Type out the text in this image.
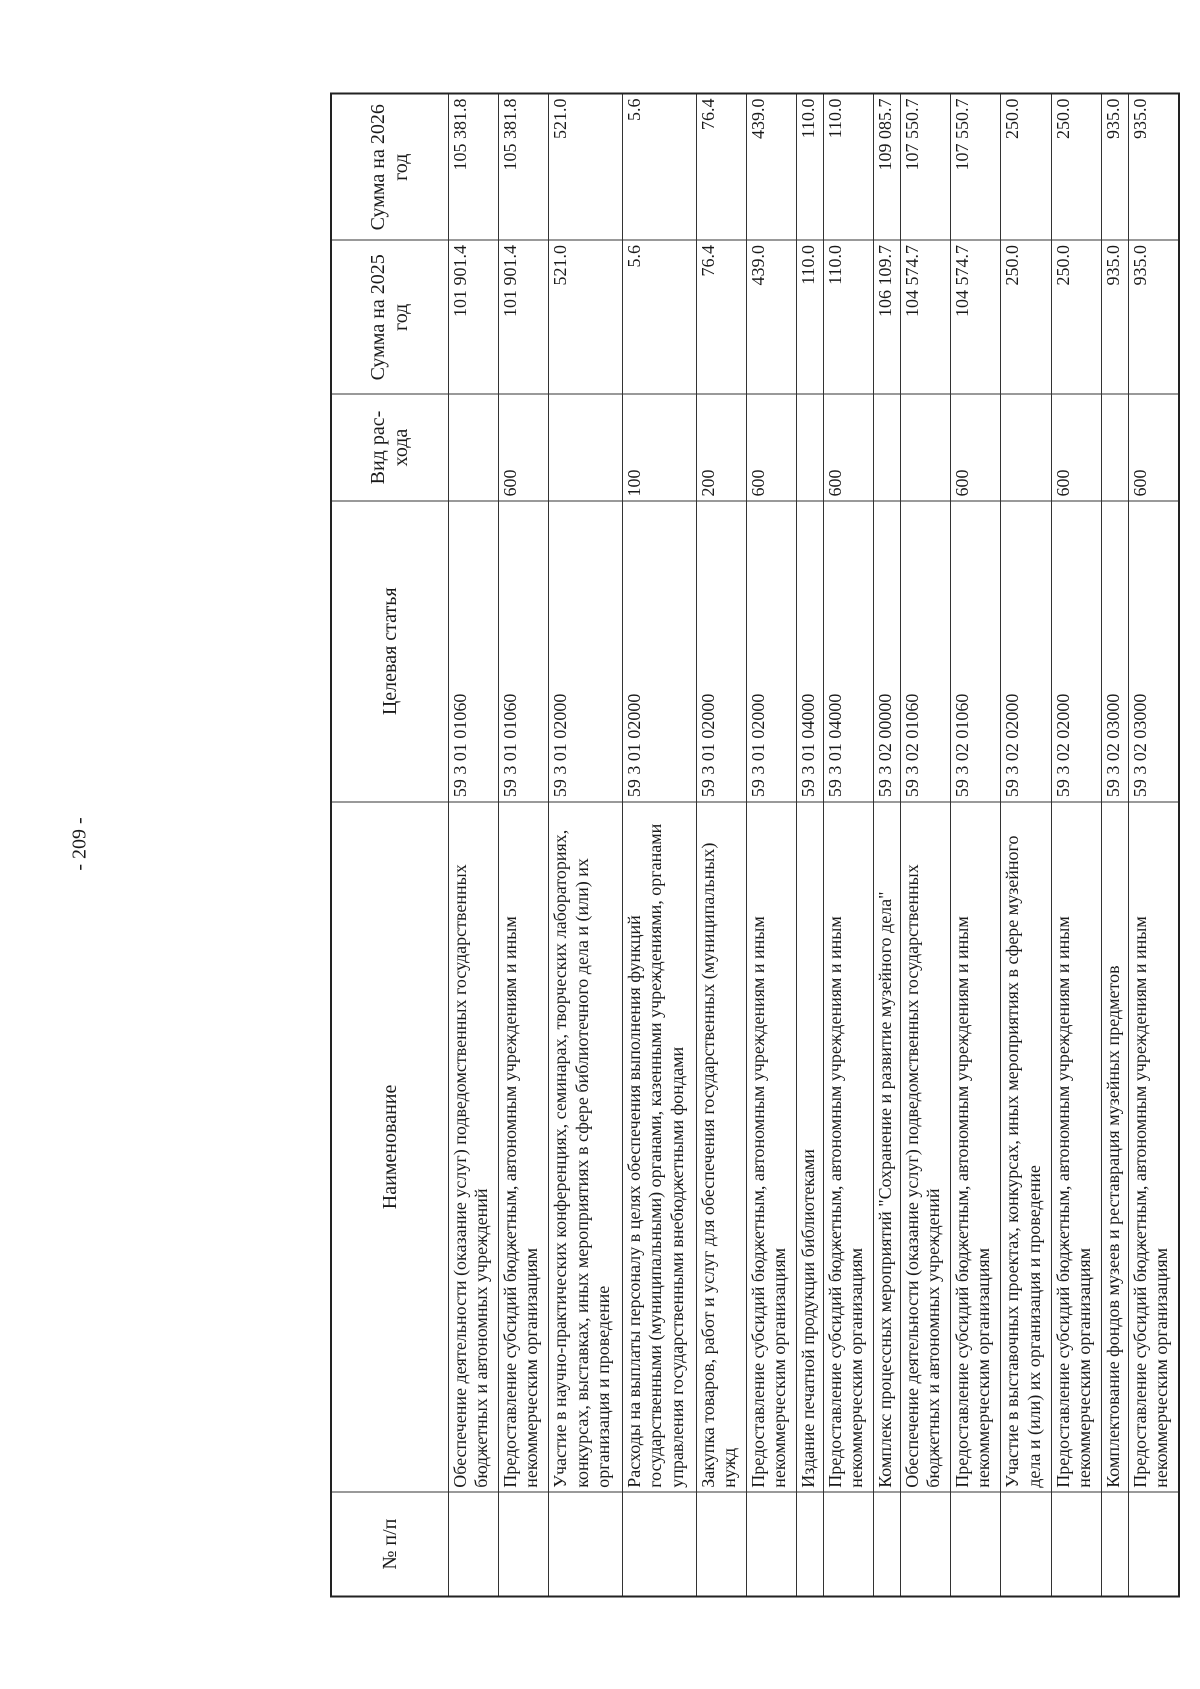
- 209 -
№ п/п	Наименование	Целевая статья	Вид рас-хода	Сумма на 2025 год	Сумма на 2026 год
	Обеспечение деятельности (оказание услуг) подведомственных государственных бюджетных и автономных учреждений	59 3 01 01060		101 901.4	105 381.8
	Предоставление субсидий бюджетным, автономным учреждениям и иным некоммерческим организациям	59 3 01 01060	600	101 901.4	105 381.8
	Участие в научно-практических конференциях, семинарах, творческих лабораториях, конкурсах, выставках, иных мероприятиях в сфере библиотечного дела и (или) их организация и проведение	59 3 01 02000		521.0	521.0
	Расходы на выплаты персоналу в целях обеспечения выполнения функций государственными (муниципальными) органами, казенными учреждениями, органами управления государственными внебюджетными фондами	59 3 01 02000	100	5.6	5.6
	Закупка товаров, работ и услуг для обеспечения государственных (муниципальных) нужд	59 3 01 02000	200	76.4	76.4
	Предоставление субсидий бюджетным, автономным учреждениям и иным некоммерческим организациям	59 3 01 02000	600	439.0	439.0
	Издание печатной продукции библиотеками	59 3 01 04000		110.0	110.0
	Предоставление субсидий бюджетным, автономным учреждениям и иным некоммерческим организациям	59 3 01 04000	600	110.0	110.0
	Комплекс процессных мероприятий "Сохранение и развитие музейного дела"	59 3 02 00000		106 109.7	109 085.7
	Обеспечение деятельности (оказание услуг) подведомственных государственных бюджетных и автономных учреждений	59 3 02 01060		104 574.7	107 550.7
	Предоставление субсидий бюджетным, автономным учреждениям и иным некоммерческим организациям	59 3 02 01060	600	104 574.7	107 550.7
	Участие в выставочных проектах, конкурсах, иных мероприятиях в сфере музейного дела и (или) их организация и проведение	59 3 02 02000		250.0	250.0
	Предоставление субсидий бюджетным, автономным учреждениям и иным некоммерческим организациям	59 3 02 02000	600	250.0	250.0
	Комплектование фондов музеев и реставрация музейных предметов	59 3 02 03000		935.0	935.0
	Предоставление субсидий бюджетным, автономным учреждениям и иным некоммерческим организациям	59 3 02 03000	600	935.0	935.0
